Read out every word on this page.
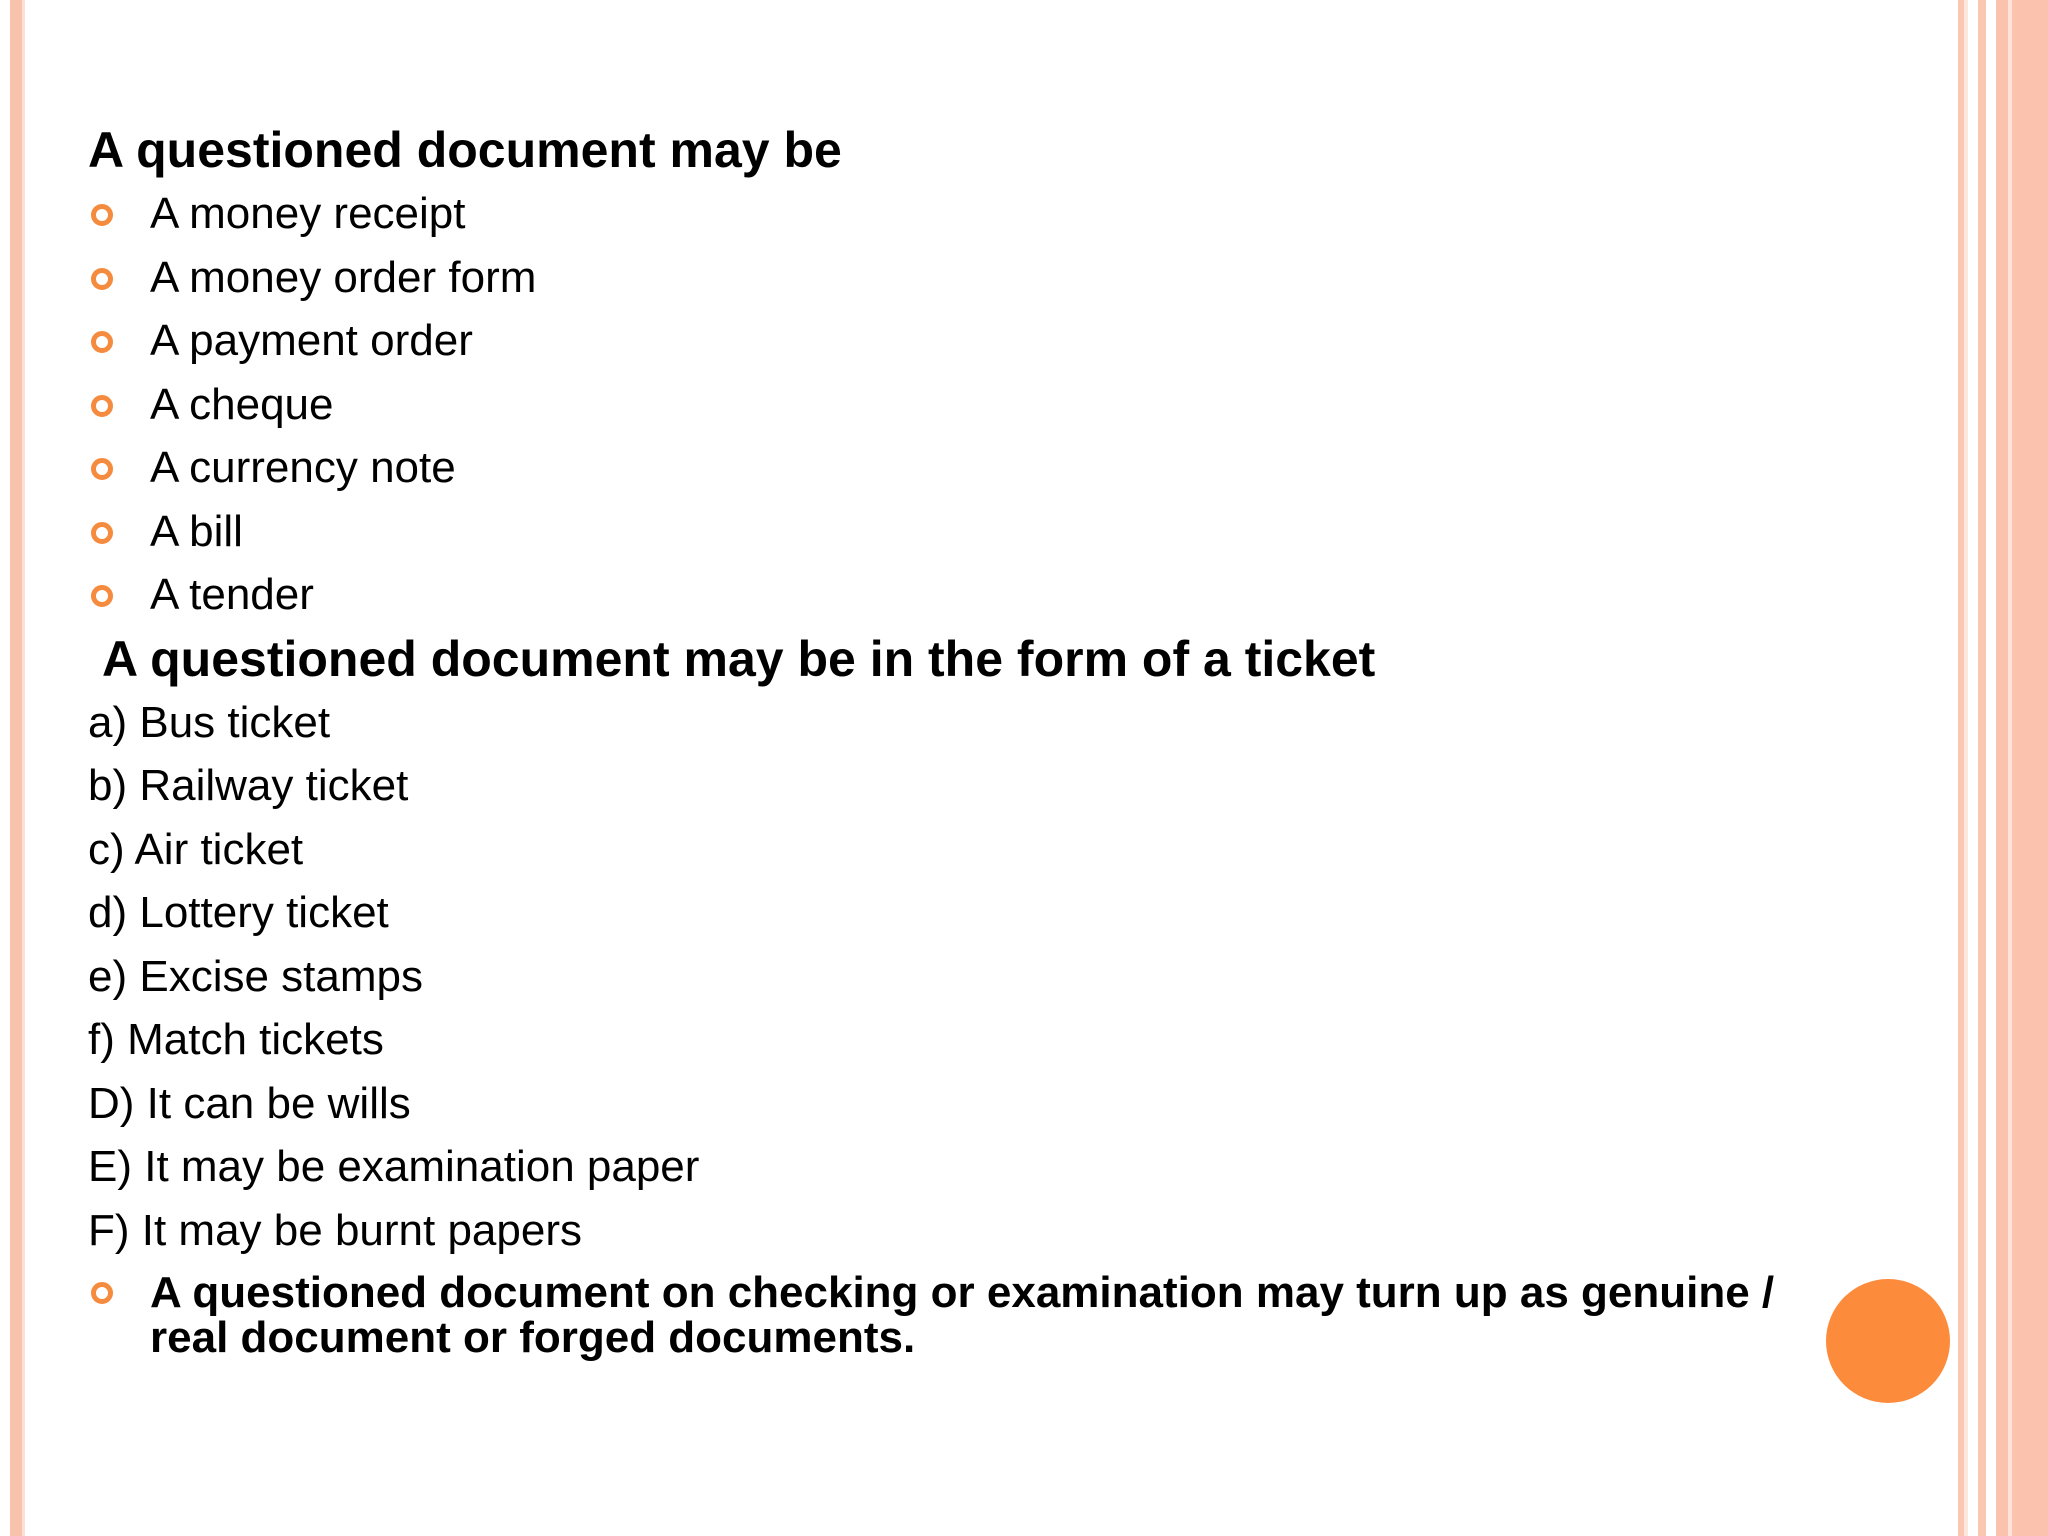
A questioned document may be
A money receipt
A money order form
A payment order
A cheque
A currency note
A bill
A tender
A questioned document may be in the form of a ticket
a) Bus ticket
b) Railway ticket
c) Air ticket
d) Lottery ticket
e) Excise stamps
f) Match tickets
D) It can be wills
E) It may be examination paper
F) It may be burnt papers
A questioned document on checking or examination may turn up as genuine / real document or forged documents.
